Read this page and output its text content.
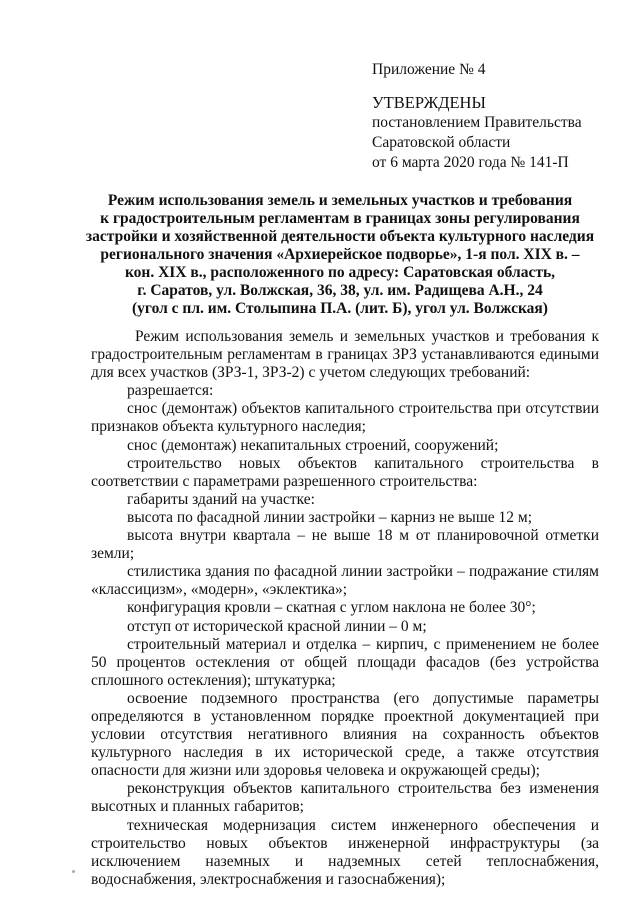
Приложение № 4
УТВЕРЖДЕНЫ
постановлением Правительства
Саратовской области
от 6 марта 2020 года № 141-П
Режим использования земель и земельных участков и требования
к градостроительным регламентам в границах зоны регулирования
застройки и хозяйственной деятельности объекта культурного наследия
регионального значения «Архиерейское подворье», 1-я пол. XIX в. –
кон. XIX в., расположенного по адресу: Саратовская область,
г. Саратов, ул. Волжская, 36, 38, ул. им. Радищева А.Н., 24
(угол с пл. им. Столыпина П.А. (лит. Б), угол ул. Волжская)
Режим использования земель и земельных участков и требования к градостроительным регламентам в границах ЗРЗ устанавливаются едиными для всех участков (ЗРЗ-1, ЗРЗ-2) с учетом следующих требований:
разрешается:
снос (демонтаж) объектов капитального строительства при отсутствии признаков объекта культурного наследия;
снос (демонтаж) некапитальных строений, сооружений;
строительство новых объектов капитального строительства в соответствии с параметрами разрешенного строительства:
габариты зданий на участке:
высота по фасадной линии застройки – карниз не выше 12 м;
высота внутри квартала – не выше 18 м от планировочной отметки земли;
стилистика здания по фасадной линии застройки – подражание стилям «классицизм», «модерн», «эклектика»;
конфигурация кровли – скатная с углом наклона не более 30°;
отступ от исторической красной линии – 0 м;
строительный материал и отделка – кирпич, с применением не более 50 процентов остекления от общей площади фасадов (без устройства сплошного остекления); штукатурка;
освоение подземного пространства (его допустимые параметры определяются в установленном порядке проектной документацией при условии отсутствия негативного влияния на сохранность объектов культурного наследия в их исторической среде, а также отсутствия опасности для жизни или здоровья человека и окружающей среды);
реконструкция объектов капитального строительства без изменения высотных и планных габаритов;
техническая модернизация систем инженерного обеспечения и строительство новых объектов инженерной инфраструктуры (за исключением наземных и надземных сетей теплоснабжения, водоснабжения, электроснабжения и газоснабжения);
